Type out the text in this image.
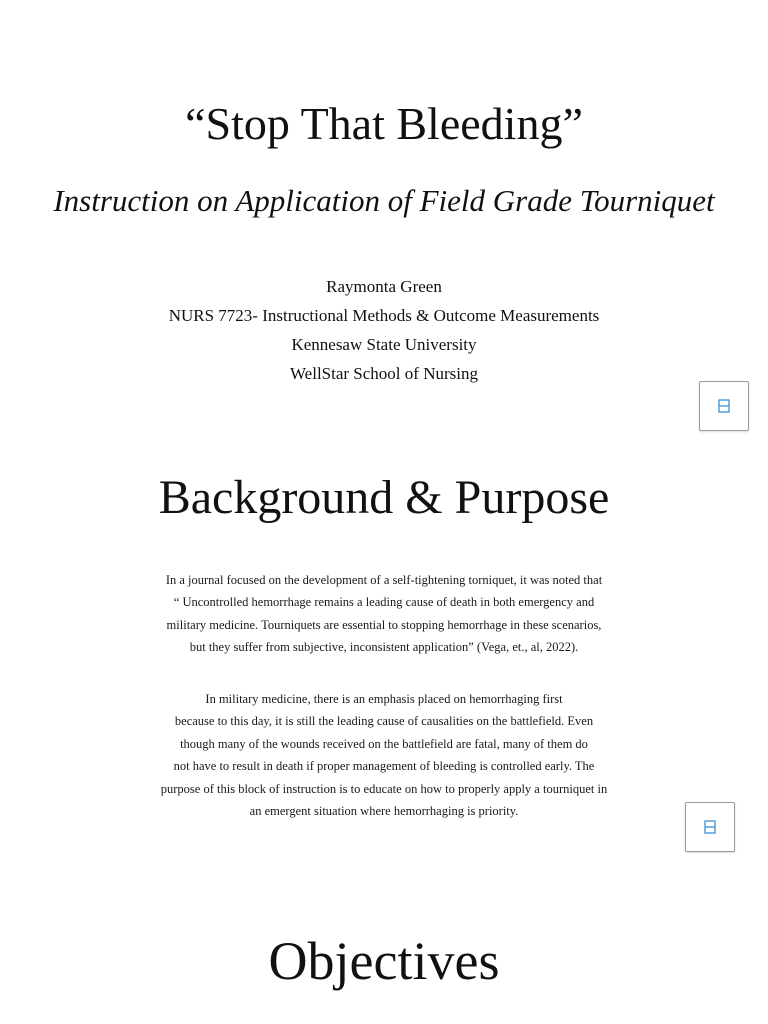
“Stop That Bleeding”
Instruction on Application of Field Grade Tourniquet
Raymonta Green
NURS 7723- Instructional Methods & Outcome Measurements
Kennesaw State University
WellStar School of Nursing
Background & Purpose
In a journal focused on the development of a self-tightening torniquet, it was noted that
“ Uncontrolled hemorrhage remains a leading cause of death in both emergency and
military medicine. Tourniquets are essential to stopping hemorrhage in these scenarios,
but they suffer from subjective, inconsistent application” (Vega, et., al, 2022).
In military medicine, there is an emphasis placed on hemorrhaging first
because to this day, it is still the leading cause of causalities on the battlefield. Even
though many of the wounds received on the battlefield are fatal, many of them do
not have to result in death if proper management of bleeding is controlled early. The
purpose of this block of instruction is to educate on how to properly apply a tourniquet in
an emergent situation where hemorrhaging is priority.
Objectives
